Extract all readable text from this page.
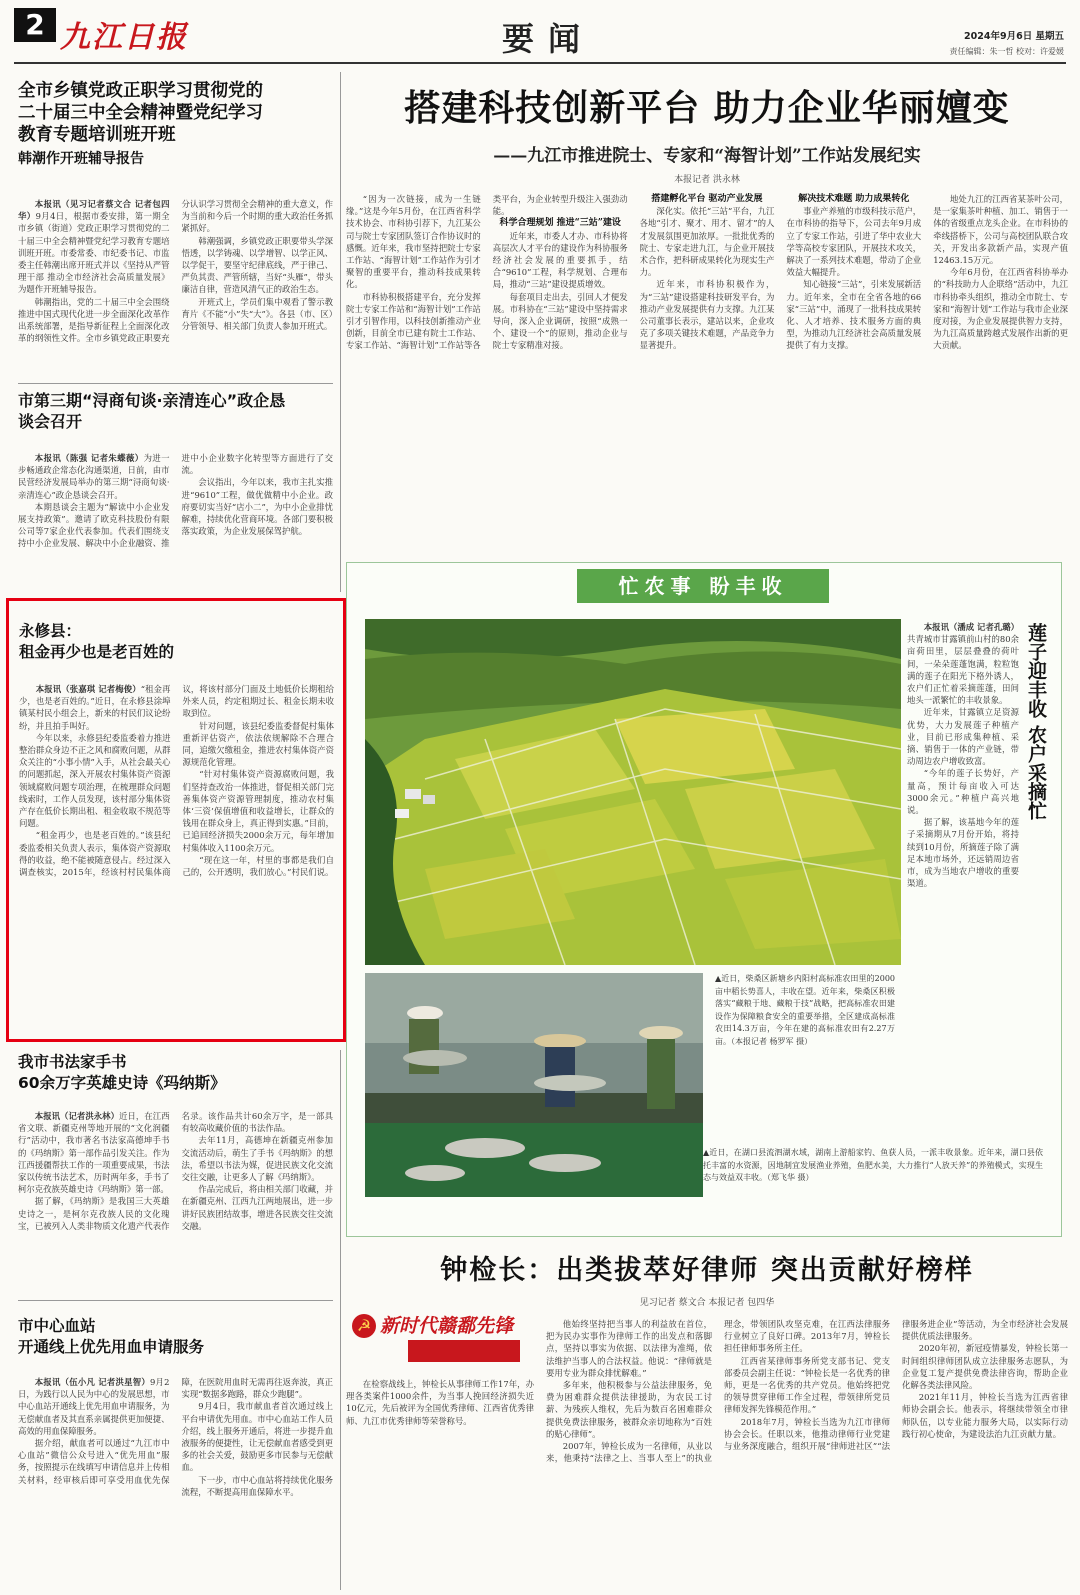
2 九江日报	要闻	2024年9月6日 星期五
责任编辑：朱一哲 校对：许爱媛
全市乡镇党政正职学习贯彻党的二十届三中全会精神暨党纪学习教育专题培训班开班
韩潮作开班辅导报告

本报讯（见习记者蔡文合 记者包四华）9月4日，根据市委安排，第一期全市乡镇（街道）党政正职学习贯彻党的二十届三中全会精神暨党纪学习教育专题培训班开班。市委常委、市纪委书记、市监委主任韩潮出席开班式并以《坚持从严管理干部 推动全市经济社会高质量发展》为题作开班辅导报告。

韩潮指出，党的二十届三中全会围绕推进中国式现代化进一步全面深化改革作出系统部署，是指导新征程上全面深化改革的纲领性文件。全市乡镇党政正职要充分认识学习贯彻全会精神的重大意义，作为当前和今后一个时期的重大政治任务抓紧抓好。

韩潮强调，乡镇党政正职要带头学深悟透，以学铸魂、以学增智、以学正风、以学促干，要坚守纪律底线，严于律己、严负其责、严管所辖，当好“头雁”，带头廉洁自律，营造风清气正的政治生态。

开班式上，学员们集中观看了警示教育片《不能“小”失“大”》。各县（市、区）分管领导、相关部门负责人参加开班式。

市第三期“浔商旬谈·亲清连心”政企恳谈会召开

本报讯（陈强 记者朱蝶薇）为进一步畅通政企常态化沟通渠道，日前，由市民营经济发展局举办的第三期“浔商旬谈·亲清连心”政企恳谈会召开。

本期恳谈会主题为“解读中小企业发展支持政策”。邀请了欧克科技股份有限公司等7家企业代表参加。代表们围绕支持中小企业发展、解决中小企业融资、推进中小企业数字化转型等方面进行了交流。

会议指出，今年以来，我市主扎实推进“9610”工程，做优做精中小企业。政府要切实当好“店小二”，为中小企业排忧解难，持续优化营商环境。各部门要积极落实政策，为企业发展保驾护航。

永修县：
租金再少也是老百姓的

本报讯（张嘉琪 记者梅俊）“租金再少，也是老百姓的。”近日，在永修县涂埠镇某村民小组会上，新来的村民们议论纷纷，并且拍手叫好。

今年以来，永修县纪委监委着力推进整治群众身边不正之风和腐败问题，从群众关注的“小事小情”入手，从社会最关心的问题抓起，深入开展农村集体资产资源领域腐败问题专项治理，在梳理群众问题线索时，工作人员发现，该村部分集体资产存在低价长期出租、租金收取不规范等问题。

“租金再少，也是老百姓的。”该县纪委监委相关负责人表示，集体资产资源取得的收益，绝不能被随意侵占。经过深入调查核实，2015年，经该村村民集体商议，将该村部分门面及土地低价长期租给外来人员，约定租期过长、租金长期未收取到位。

针对问题，该县纪委监委督促村集体重新评估资产，依法依规解除不合理合同，追缴欠缴租金，推进农村集体资产资源规范化管理。

“针对村集体资产资源腐败问题，我们坚持查改治一体推进，督促相关部门完善集体资产资源管理制度，推动农村集体‘三资’保值增值和收益增长，让群众的钱用在群众身上，真正得到实惠。”目前，已追回经济损失2000余万元，每年增加村集体收入1100余万元。

“现在这一年，村里的事都是我们自己的，公开透明，我们放心。”村民们说。

我市书法家手书
60余万字英雄史诗《玛纳斯》

本报讯（记者洪永林）近日，在江西省文联、新疆克州等地开展的“文化润疆行”活动中，我市著名书法家高德坤手书的《玛纳斯》第一部作品引发关注。作为江西援疆帮扶工作的一项重要成果，书法家以传统书法艺术，历时两年多，手书了柯尔克孜族英雄史诗《玛纳斯》第一部。

据了解，《玛纳斯》是我国三大英雄史诗之一，是柯尔克孜族人民的文化瑰宝，已被列入人类非物质文化遗产代表作名录。该作品共计60余万字，是一部具有较高收藏价值的书法作品。

去年11月，高德坤在新疆克州参加交流活动后，萌生了手书《玛纳斯》的想法，希望以书法为媒，促进民族文化交流交往交融，让更多人了解《玛纳斯》。

作品完成后，将由相关部门收藏，并在新疆克州、江西九江两地展出，进一步讲好民族团结故事，增进各民族交往交流交融。

市中心血站
开通线上优先用血申请服务

本报讯（伍小凡 记者洪星智）9月2日，为践行以人民为中心的发展思想，市中心血站开通线上优先用血申请服务，为无偿献血者及其直系亲属提供更加便捷、高效的用血保障服务。

据介绍，献血者可以通过“九江市中心血站”微信公众号进入“优先用血”服务，按照提示在线填写申请信息并上传相关材料，经审核后即可享受用血优先保障，在医院用血时无需再往返奔波，真正实现“数据多跑路，群众少跑腿”。

9月4日，我市献血者首次通过线上平台申请优先用血。市中心血站工作人员介绍，线上服务开通后，将进一步提升血液服务的便捷性，让无偿献血者感受到更多的社会关爱，鼓励更多市民参与无偿献血。

下一步，市中心血站将持续优化服务流程，不断提高用血保障水平。

搭建科技创新平台 助力企业华丽嬗变
——九江市推进院士、专家和“海智计划”工作站发展纪实
本报记者 洪永林

“因为一次链接，成为一生链缘。”这是今年5月份，在江西省科学技术协会、市科协引荐下，九江某公司与院士专家团队签订合作协议时的感慨。近年来，我市坚持把院士专家工作站、“海智计划”工作站作为引才聚智的重要平台，推动科技成果转化。

市科协积极搭建平台，充分发挥院士专家工作站和“海智计划”工作站引才引智作用，以科技创新推动产业创新，目前全市已建有院士工作站、专家工作站、“海智计划”工作站等各类平台，为企业转型升级注入强劲动能。

科学合理规划 推进“三站”建设

近年来，市委人才办、市科协将高层次人才平台的建设作为科协服务经济社会发展的重要抓手，结合“9610”工程，科学规划、合理布局，推动“三站”建设提质增效。

每套项目走出去，引回人才便发展。市科协在“三站”建设中坚持需求导向，深入企业调研，按照“成熟一个、建设一个”的原则，推动企业与院士专家精准对接。

搭建孵化平台 驱动产业发展

深化实。依托“三站”平台，九江各地“引才、聚才、用才、留才”的人才发展氛围更加浓厚。一批批优秀的院士、专家走进九江，与企业开展技术合作，把科研成果转化为现实生产力。

近年来，市科协积极作为，为“三站”建设搭建科技研发平台，为推动产业发展提供有力支撑。九江某公司董事长表示，建站以来，企业攻克了多项关键技术难题，产品竞争力显著提升。

解决技术难题 助力成果转化

事业产养殖的市级科技示范户，在市科协的指导下，公司去年9月成立了专家工作站，引进了华中农业大学等高校专家团队，开展技术攻关，解决了一系列技术难题，带动了企业效益大幅提升。

知心链接“三站”，引来发展新活力。近年来，全市在全省各地的66家“三站”中，涌现了一批科技成果转化、人才培养、技术服务方面的典型，为推动九江经济社会高质量发展提供了有力支撑。

地处九江的江西省某茶叶公司，是一家集茶叶种植、加工、销售于一体的省级重点龙头企业。在市科协的牵线搭桥下，公司与高校团队联合攻关，开发出多款新产品，实现产值12463.15万元。

今年6月份，在江西省科协举办的“科技助力人企联络”活动中，九江市科协牵头组织，推动全市院士、专家和“海智计划”工作站与我市企业深度对接，为企业发展提供智力支持，为九江高质量跨越式发展作出新的更大贡献。

忙农事 盼丰收
▲近日，柴桑区新塘乡内阳村高标准农田里的2000亩中稻长势喜人，丰收在望。近年来，柴桑区积极落实“藏粮于地、藏粮于技”战略，把高标准农田建设作为保障粮食安全的重要举措，全区建成高标准农田14.3万亩，今年在建的高标准农田有2.27万亩。（本报记者 杨罗军 摄）
▲近日，在湖口县流泗湖水域，湖南上游船家钓、鱼获人员，一派丰收景象。近年来，湖口县依托丰富的水资源，因地制宜发展渔业养殖，鱼肥水美，大力推行“人放天养”的养殖模式，实现生态与效益双丰收。（郑飞华 摄）
莲子迎丰收 农户采摘忙

本报讯（潘成 记者孔璐）共青城市甘露镇前山村的80余亩荷田里，层层叠叠的荷叶间，一朵朵莲蓬饱满，粒粒饱满的莲子在阳光下格外诱人，农户们正忙着采摘莲蓬，田间地头一派繁忙的丰收景象。

近年来，甘露镇立足资源优势，大力发展莲子种植产业，目前已形成集种植、采摘、销售于一体的产业链，带动周边农户增收致富。

“今年的莲子长势好，产量高，预计每亩收入可达3000余元。”种植户高兴地说。

据了解，该基地今年的莲子采摘期从7月份开始，将持续到10月份，所摘莲子除了满足本地市场外，还远销周边省市，成为当地农户增收的重要渠道。

钟检长：出类拔萃好律师 突出贡献好榜样
见习记者 蔡文合 本报记者 包四华
☭ 新时代赣鄱先锋

在检察战线上，钟检长从事律师工作17年，办理各类案件1000余件，为当事人挽回经济损失近10亿元，先后被评为全国优秀律师、江西省优秀律师、九江市优秀律师等荣誉称号。

他始终坚持把当事人的利益放在首位，把为民办实事作为律师工作的出发点和落脚点，坚持以事实为依据、以法律为准绳，依法维护当事人的合法权益。他说：“律师就是要用专业为群众排忧解难。”

多年来，他积极参与公益法律服务，免费为困难群众提供法律援助，为农民工讨薪、为残疾人维权，先后为数百名困难群众提供免费法律服务，被群众亲切地称为“百姓的贴心律师”。

2007年，钟检长成为一名律师，从业以来，他秉持“法律之上、当事人至上”的执业理念，带领团队攻坚克难，在江西法律服务行业树立了良好口碑。2013年7月，钟检长担任律师事务所主任。

江西省某律师事务所党支部书记、党支部委员会副主任说：“钟检长是一名优秀的律师，更是一名优秀的共产党员。他始终把党的领导贯穿律师工作全过程，带领律所党员律师发挥先锋模范作用。”

2018年7月，钟检长当选为九江市律师协会会长。任职以来，他推动律师行业党建与业务深度融合，组织开展“律师进社区”“法律服务进企业”等活动，为全市经济社会发展提供优质法律服务。

2020年初，新冠疫情暴发，钟检长第一时间组织律师团队成立法律服务志愿队，为企业复工复产提供免费法律咨询，帮助企业化解各类法律风险。

2021年11月，钟检长当选为江西省律师协会副会长。他表示，将继续带领全市律师队伍，以专业能力服务大局，以实际行动践行初心使命，为建设法治九江贡献力量。
